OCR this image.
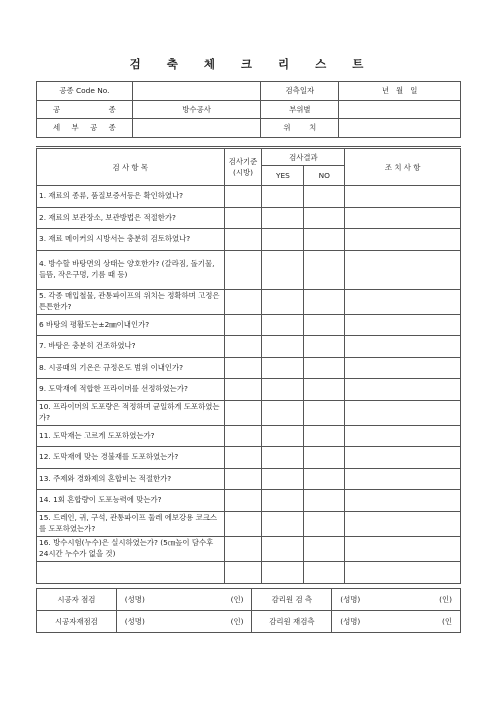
검 축 체 크 리 스 트
공종 Code No.		검측일자	년   월   일
공 종	방수공사	부위별	
세 부 공 종		위 치	
검 사 항 목	검사기준 (시방)	검사결과		조 치 사 항
		YES	NO	
1. 재료의 종류, 품질보증서등은 확인하였나?				
2. 재료의 보관장소, 보관방법은 적절한가?				
3. 재료 메이커의 시방서는 충분히 검토하였나?				
4. 방수할 바탕면의 상태는 양호한가? (갈라짐, 돌기물, 들뜸, 작은구멍, 기름 때 등)				
5. 각종 매입철물, 관통파이프의 위치는 정확하며 고정은 튼튼한가?				
6 바탕의 평활도는±2㎜이내인가?				
7. 바탕은 충분히 건조하였나?				
8. 시공때의 기온은 규정온도 범위 이내인가?				
9. 도막재에 적합한 프라이머를 선정하였는가?				
10. 프라이머의 도포량은 적정하며 균일하게 도포하였는가?				
11. 도막재는 고르게 도포하였는가?				
12. 도막재에 맞는 경불재를 도포하였는가?				
13. 주제와 경화제의 혼합비는 적절한가?				
14. 1회 혼합량이 도포능력에 맞는가?				
15. 드레인, 귀, 구석, 관통파이프 둘레 에보강용 코크스를 도포하였는가?				
16. 방수시험(누수)은 실시하였는가? (5㎝높이 담수후 24시간 누수가 없을 것)				

시공자 점검	(성명) (인)	감리원 검 측	(성명) (인)

시공자재점검	(성명) (인)	감리원 재검측	(성명) (인
